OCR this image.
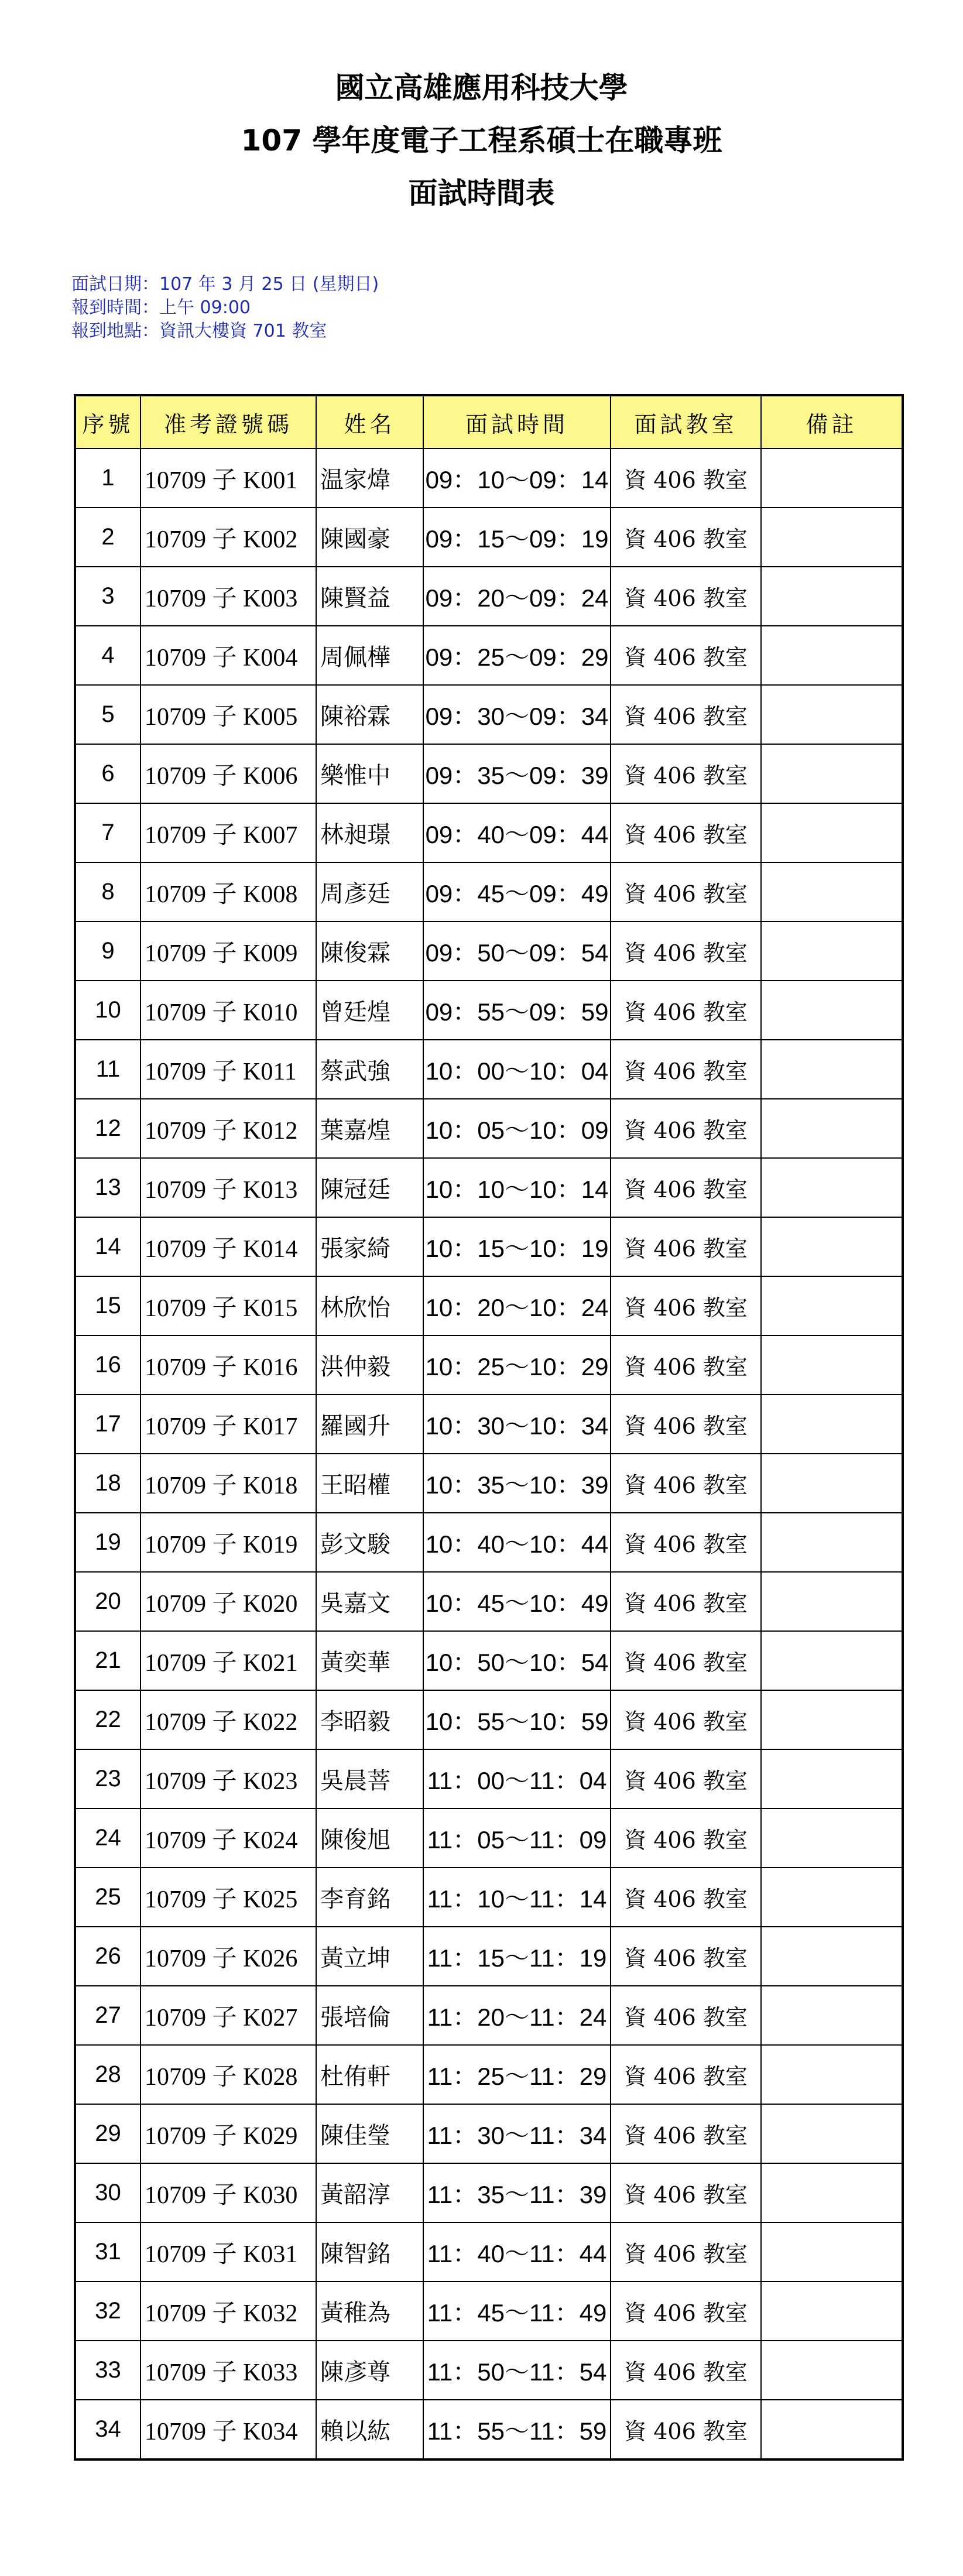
國立高雄應用科技大學
107 學年度電子工程系碩士在職專班
面試時間表
面試日期：107 年 3 月 25 日 (星期日)
報到時間：上午 09:00
報到地點：資訊大樓資 701 教室
序號	准考證號碼	姓名	面試時間	面試教室	備註
1	10709 子 K001	温家煒	09：10～09：14	資 406 教室	
2	10709 子 K002	陳國豪	09：15～09：19	資 406 教室	
3	10709 子 K003	陳賢益	09：20～09：24	資 406 教室	
4	10709 子 K004	周佩樺	09：25～09：29	資 406 教室	
5	10709 子 K005	陳裕霖	09：30～09：34	資 406 教室	
6	10709 子 K006	樂惟中	09：35～09：39	資 406 教室	
7	10709 子 K007	林昶璟	09：40～09：44	資 406 教室	
8	10709 子 K008	周彥廷	09：45～09：49	資 406 教室	
9	10709 子 K009	陳俊霖	09：50～09：54	資 406 教室	
10	10709 子 K010	曾廷煌	09：55～09：59	資 406 教室	
11	10709 子 K011	蔡武強	10：00～10：04	資 406 教室	
12	10709 子 K012	葉嘉煌	10：05～10：09	資 406 教室	
13	10709 子 K013	陳冠廷	10：10～10：14	資 406 教室	
14	10709 子 K014	張家綺	10：15～10：19	資 406 教室	
15	10709 子 K015	林欣怡	10：20～10：24	資 406 教室	
16	10709 子 K016	洪仲毅	10：25～10：29	資 406 教室	
17	10709 子 K017	羅國升	10：30～10：34	資 406 教室	
18	10709 子 K018	王昭權	10：35～10：39	資 406 教室	
19	10709 子 K019	彭文駿	10：40～10：44	資 406 教室	
20	10709 子 K020	吳嘉文	10：45～10：49	資 406 教室	
21	10709 子 K021	黃奕華	10：50～10：54	資 406 教室	
22	10709 子 K022	李昭毅	10：55～10：59	資 406 教室	
23	10709 子 K023	吳晨菩	11：00～11：04	資 406 教室	
24	10709 子 K024	陳俊旭	11：05～11：09	資 406 教室	
25	10709 子 K025	李育銘	11：10～11：14	資 406 教室	
26	10709 子 K026	黃立坤	11：15～11：19	資 406 教室	
27	10709 子 K027	張培倫	11：20～11：24	資 406 教室	
28	10709 子 K028	杜侑軒	11：25～11：29	資 406 教室	
29	10709 子 K029	陳佳瑩	11：30～11：34	資 406 教室	
30	10709 子 K030	黃韶淳	11：35～11：39	資 406 教室	
31	10709 子 K031	陳智銘	11：40～11：44	資 406 教室	
32	10709 子 K032	黃稚為	11：45～11：49	資 406 教室	
33	10709 子 K033	陳彥尊	11：50～11：54	資 406 教室	
34	10709 子 K034	賴以紘	11：55～11：59	資 406 教室	
